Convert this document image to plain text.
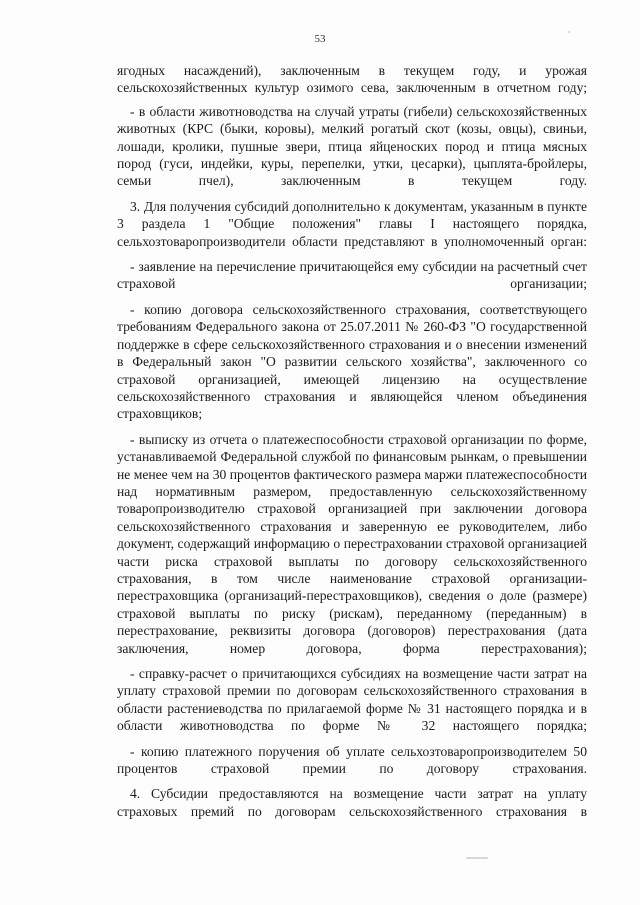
53

ягодных насаждений), заключенным в текущем году, и урожая сельскохозяйственных культур озимого сева, заключенным в отчетном году;

- в области животноводства на случай утраты (гибели) сельскохозяйственных животных (КРС (быки, коровы), мелкий рогатый скот (козы, овцы), свиньи, лошади, кролики, пушные звери, птица яйценоских пород и птица мясных пород (гуси, индейки, куры, перепелки, утки, цесарки), цыплята-бройлеры, семьи пчел), заключенным в текущем году.

3. Для получения субсидий дополнительно к документам, указанным в пункте 3 раздела 1 "Общие положения" главы I настоящего порядка, сельхозтоваропроизводители области представляют в уполномоченный орган:

- заявление на перечисление причитающейся ему субсидии на расчетный счет страховой организации;

- копию договора сельскохозяйственного страхования, соответствующего требованиям Федерального закона от 25.07.2011 № 260-ФЗ "О государственной поддержке в сфере сельскохозяйственного страхования и о внесении изменений в Федеральный закон "О развитии сельского хозяйства", заключенного со страховой организацией, имеющей лицензию на осуществление сельскохозяйственного страхования и являющейся членом объединения страховщиков;

- выписку из отчета о платежеспособности страховой организации по форме, устанавливаемой Федеральной службой по финансовым рынкам, о превышении не менее чем на 30 процентов фактического размера маржи платежеспособности над нормативным размером, предоставленную сельскохозяйственному товаропроизводителю страховой организацией при заключении договора сельскохозяйственного страхования и заверенную ее руководителем, либо документ, содержащий информацию о перестраховании страховой организацией части риска страховой выплаты по договору сельскохозяйственного страхования, в том числе наименование страховой организации-перестраховщика (организаций-перестраховщиков), сведения о доле (размере) страховой выплаты по риску (рискам), переданному (переданным) в перестрахование, реквизиты договора (договоров) перестрахования (дата заключения, номер договора, форма перестрахования);

- справку-расчет о причитающихся субсидиях на возмещение части затрат на уплату страховой премии по договорам сельскохозяйственного страхования в области растениеводства по прилагаемой форме № 31 настоящего порядка и в области животноводства по форме № 32 настоящего порядка;

- копию платежного поручения об уплате сельхозтоваропроизводителем 50 процентов страховой премии по договору страхования.

4. Субсидии предоставляются на возмещение части затрат на уплату страховых премий по договорам сельскохозяйственного страхования в
